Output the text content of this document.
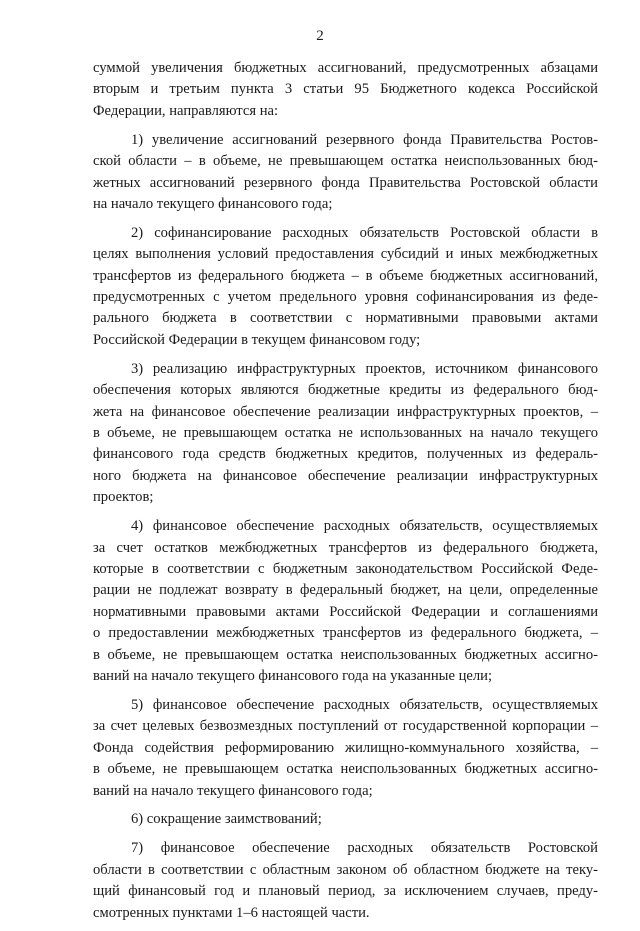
2
суммой увеличения бюджетных ассигнований, предусмотренных абзацами
вторым и третьим пункта 3 статьи 95 Бюджетного кодекса Российской
Федерации, направляются на:
1) увеличение ассигнований резервного фонда Правительства Ростов-
ской области – в объеме, не превышающем остатка неиспользованных бюд-
жетных ассигнований резервного фонда Правительства Ростовской области
на начало текущего финансового года;
2) софинансирование расходных обязательств Ростовской области в
целях выполнения условий предоставления субсидий и иных межбюджетных
трансфертов из федерального бюджета – в объеме бюджетных ассигнований,
предусмотренных с учетом предельного уровня софинансирования из феде-
рального бюджета в соответствии с нормативными правовыми актами
Российской Федерации в текущем финансовом году;
3) реализацию инфраструктурных проектов, источником финансового
обеспечения которых являются бюджетные кредиты из федерального бюд-
жета на финансовое обеспечение реализации инфраструктурных проектов, –
в объеме, не превышающем остатка не использованных на начало текущего
финансового года средств бюджетных кредитов, полученных из федераль-
ного бюджета на финансовое обеспечение реализации инфраструктурных
проектов;
4) финансовое обеспечение расходных обязательств, осуществляемых
за счет остатков межбюджетных трансфертов из федерального бюджета,
которые в соответствии с бюджетным законодательством Российской Феде-
рации не подлежат возврату в федеральный бюджет, на цели, определенные
нормативными правовыми актами Российской Федерации и соглашениями
о предоставлении межбюджетных трансфертов из федерального бюджета, –
в объеме, не превышающем остатка неиспользованных бюджетных ассигно-
ваний на начало текущего финансового года на указанные цели;
5) финансовое обеспечение расходных обязательств, осуществляемых
за счет целевых безвозмездных поступлений от государственной корпорации –
Фонда содействия реформированию жилищно-коммунального хозяйства, –
в объеме, не превышающем остатка неиспользованных бюджетных ассигно-
ваний на начало текущего финансового года;
6) сокращение заимствований;
7) финансовое обеспечение расходных обязательств Ростовской
области в соответствии с областным законом об областном бюджете на теку-
щий финансовый год и плановый период, за исключением случаев, преду-
смотренных пунктами 1–6 настоящей части.
